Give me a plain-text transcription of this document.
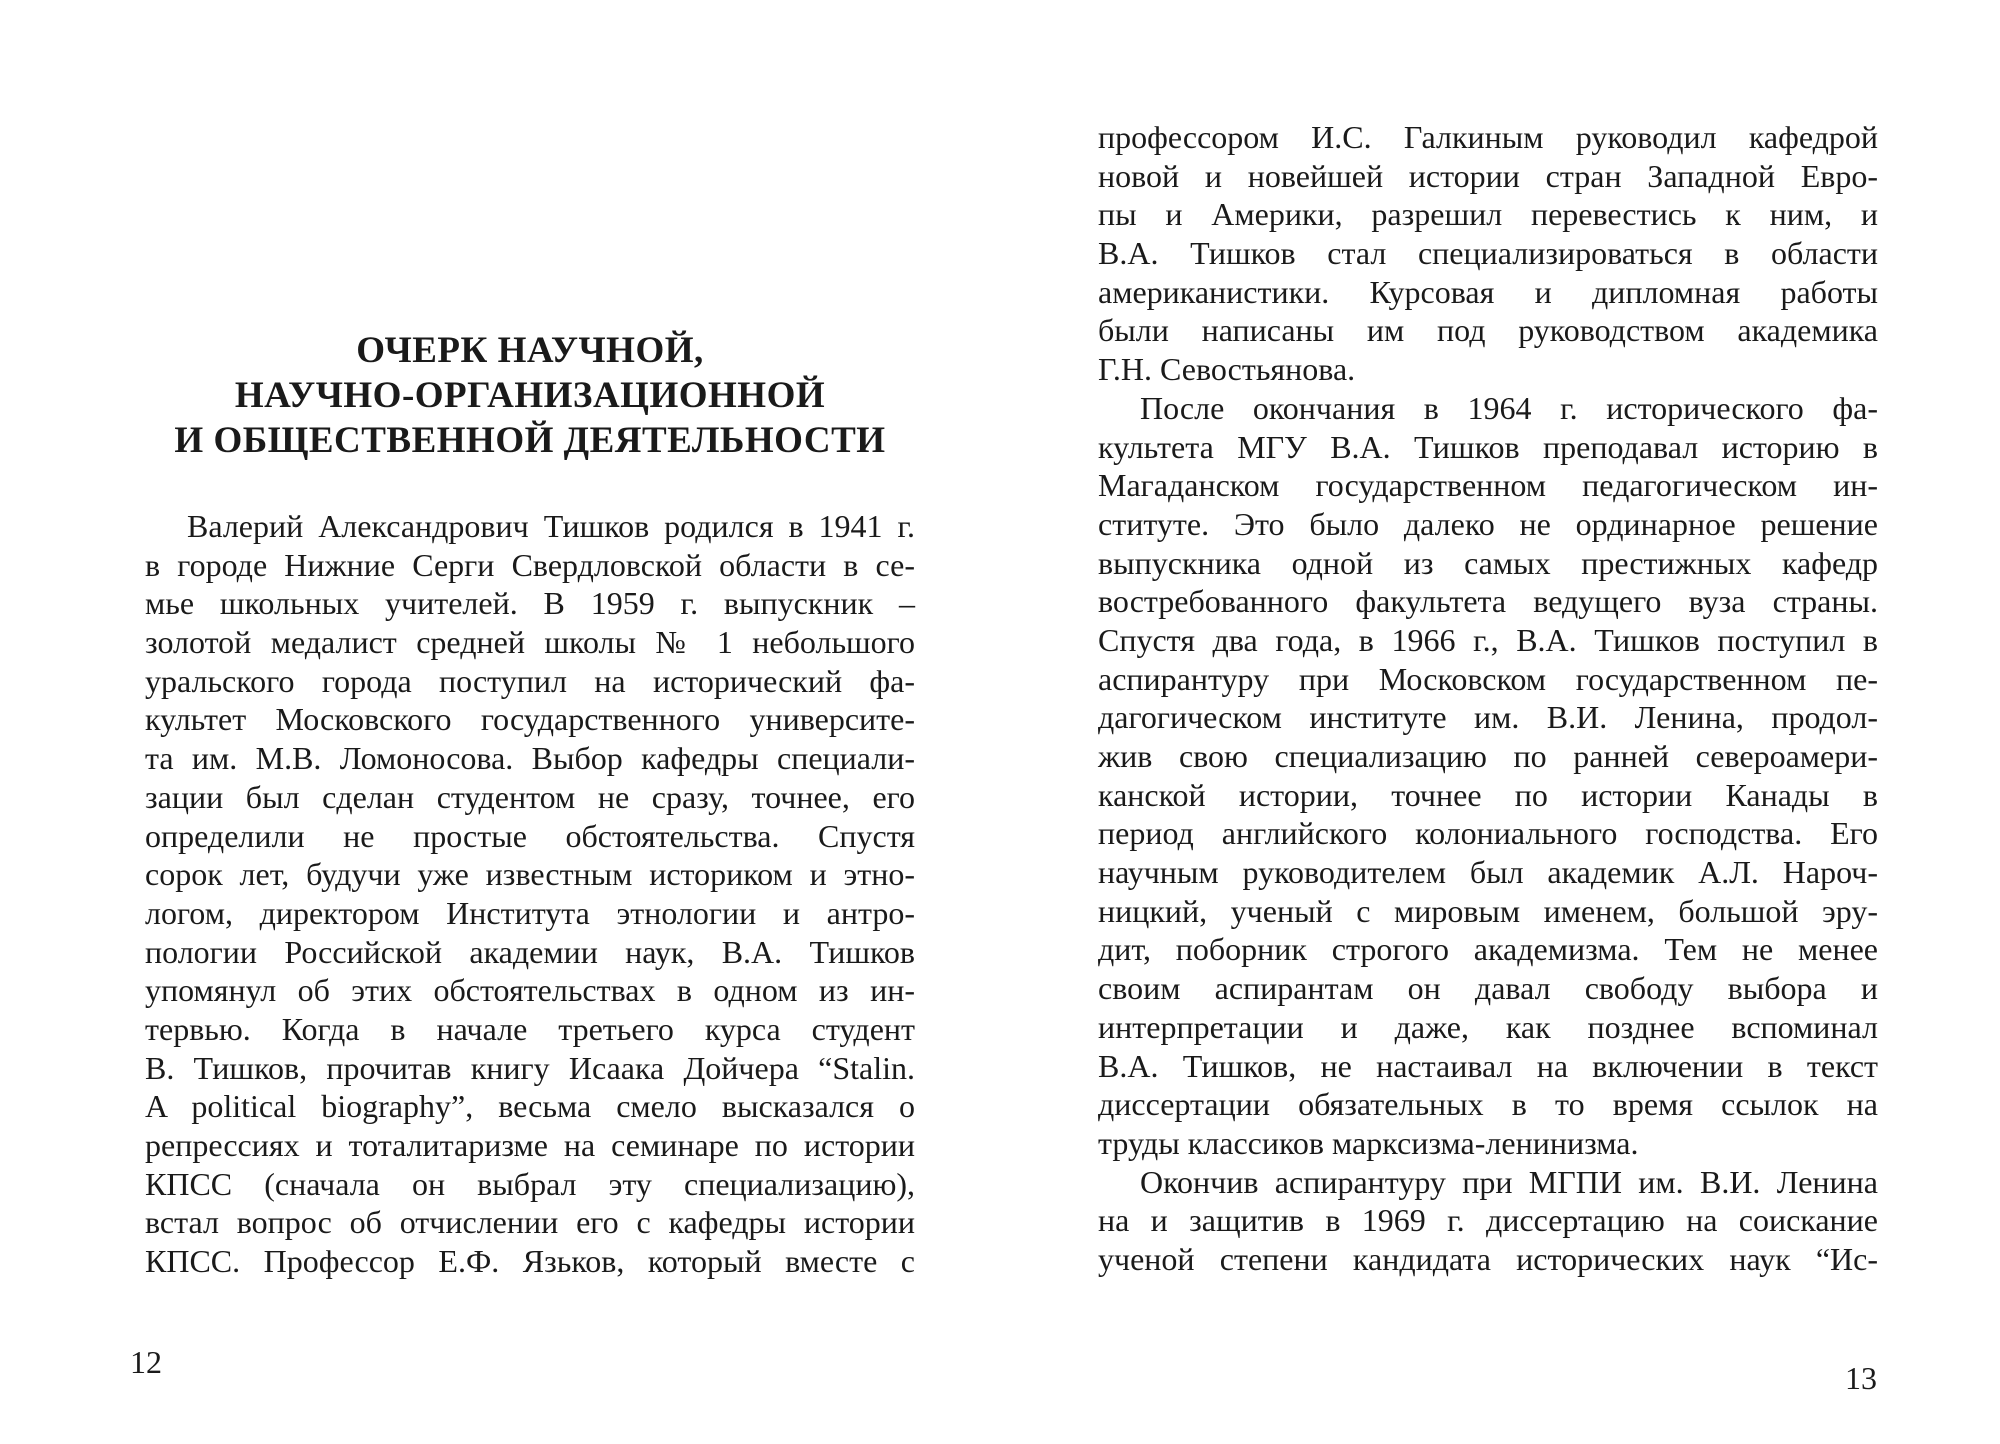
ОЧЕРК НАУЧНОЙ,
НАУЧНО-ОРГАНИЗАЦИОННОЙ
И ОБЩЕСТВЕННОЙ ДЕЯТЕЛЬНОСТИ
Валерий Александрович Тишков родился в 1941 г.
в городе Нижние Серги Свердловской области в се-
мье школьных учителей. В 1959 г. выпускник –
золотой медалист средней школы № 1 небольшого
уральского города поступил на исторический фа-
культет Московского государственного университе-
та им. М.В. Ломоносова. Выбор кафедры специали-
зации был сделан студентом не сразу, точнее, его
определили не простые обстоятельства. Спустя
сорок лет, будучи уже известным историком и этно-
логом, директором Института этнологии и антро-
пологии Российской академии наук, В.А. Тишков
упомянул об этих обстоятельствах в одном из ин-
тервью. Когда в начале третьего курса студент
В. Тишков, прочитав книгу Исаака Дойчера “Stalin.
A political biography”, весьма смело высказался о
репрессиях и тоталитаризме на семинаре по истории
КПСС (сначала он выбрал эту специализацию),
встал вопрос об отчислении его с кафедры истории
КПСС. Профессор Е.Ф. Язьков, который вместе с
12
профессором И.С. Галкиным руководил кафедрой
новой и новейшей истории стран Западной Евро-
пы и Америки, разрешил перевестись к ним, и
В.А. Тишков стал специализироваться в области
американистики. Курсовая и дипломная работы
были написаны им под руководством академика
Г.Н. Севостьянова.
После окончания в 1964 г. исторического фа-
культета МГУ В.А. Тишков преподавал историю в
Магаданском государственном педагогическом ин-
ституте. Это было далеко не ординарное решение
выпускника одной из самых престижных кафедр
востребованного факультета ведущего вуза страны.
Спустя два года, в 1966 г., В.А. Тишков поступил в
аспирантуру при Московском государственном пе-
дагогическом институте им. В.И. Ленина, продол-
жив свою специализацию по ранней североамери-
канской истории, точнее по истории Канады в
период английского колониального господства. Его
научным руководителем был академик А.Л. Нароч-
ницкий, ученый с мировым именем, большой эру-
дит, поборник строгого академизма. Тем не менее
своим аспирантам он давал свободу выбора и
интерпретации и даже, как позднее вспоминал
В.А. Тишков, не настаивал на включении в текст
диссертации обязательных в то время ссылок на
труды классиков марксизма-ленинизма.
Окончив аспирантуру при МГПИ им. В.И. Ленина
на и защитив в 1969 г. диссертацию на соискание
ученой степени кандидата исторических наук “Ис-
13
